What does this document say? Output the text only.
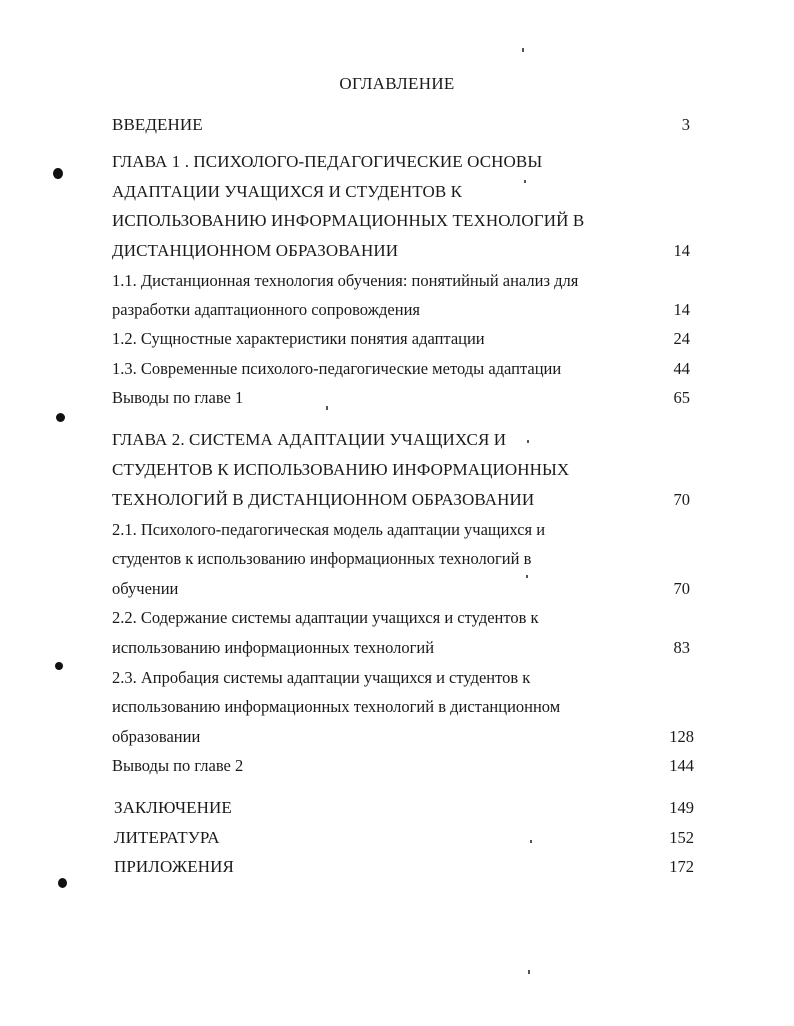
ОГЛАВЛЕНИЕ
ВВЕДЕНИЕ	3
ГЛАВА 1 . ПСИХОЛОГО-ПЕДАГОГИЧЕСКИЕ ОСНОВЫ
АДАПТАЦИИ УЧАЩИХСЯ И СТУДЕНТОВ К
ИСПОЛЬЗОВАНИЮ ИНФОРМАЦИОННЫХ ТЕХНОЛОГИЙ В
ДИСТАНЦИОННОМ ОБРАЗОВАНИИ	14
1.1. Дистанционная технология обучения: понятийный анализ для
разработки адаптационного сопровождения	14
1.2. Сущностные характеристики понятия адаптации	24
1.3. Современные психолого-педагогические методы адаптации	44
Выводы по главе 1	65
ГЛАВА 2. СИСТЕМА АДАПТАЦИИ УЧАЩИХСЯ И
СТУДЕНТОВ К ИСПОЛЬЗОВАНИЮ ИНФОРМАЦИОННЫХ
ТЕХНОЛОГИЙ В ДИСТАНЦИОННОМ ОБРАЗОВАНИИ	70
2.1. Психолого-педагогическая модель адаптации учащихся и
студентов к использованию информационных технологий в
обучении	70
2.2. Содержание системы адаптации учащихся и студентов к
использованию информационных технологий	83
2.3. Апробация системы адаптации учащихся и студентов к
использованию информационных технологий в дистанционном
образовании	128
Выводы по главе 2	144
ЗАКЛЮЧЕНИЕ	149
ЛИТЕРАТУРА	152
ПРИЛОЖЕНИЯ	172
